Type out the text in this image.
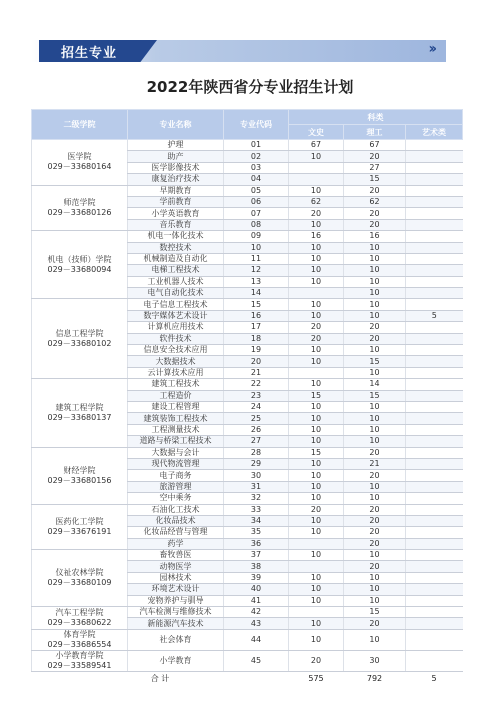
招生专业	››
2022年陕西省分专业招生计划
二级学院	专业名称	专业代码	科类		
			文史	理工	艺术类

医学院
029－33680164	护理	01	67	67	
	助产	02	10	20	
	医学影像技术	03		27	
	康复治疗技术	04		15	

师范学院
029－33680126	早期教育	05	10	20	
	学前教育	06	62	62	
	小学英语教育	07	20	20	
	音乐教育	08	10	20	

机电（技师）学院
029－33680094	机电一体化技术	09	16	16	
	数控技术	10	10	10	
	机械制造及自动化	11	10	10	
	电梯工程技术	12	10	10	
	工业机器人技术	13	10	10	
	电气自动化技术	14		10	

信息工程学院
029－33680102	电子信息工程技术	15	10	10	
	数字媒体艺术设计	16	10	10	5
	计算机应用技术	17	20	20	
	软件技术	18	20	20	
	信息安全技术应用	19	10	10	
	大数据技术	20	10	15	
	云计算技术应用	21		10	

建筑工程学院
029－33680137	建筑工程技术	22	10	14	
	工程造价	23	15	15	
	建设工程管理	24	10	10	
	建筑装饰工程技术	25	10	10	
	工程测量技术	26	10	10	
	道路与桥梁工程技术	27	10	10	

财经学院
029－33680156	大数据与会计	28	15	20	
	现代物流管理	29	10	21	
	电子商务	30	10	20	
	旅游管理	31	10	10	
	空中乘务	32	10	10	

医药化工学院
029－33676191	石油化工技术	33	20	20	
	化妆品技术	34	10	20	
	化妆品经营与管理	35	10	20	
	药学	36		20	

仪祉农林学院
029－33680109	畜牧兽医	37	10	10	
	动物医学	38		20	
	园林技术	39	10	10	
	环境艺术设计	40	10	10	
	宠物养护与驯导	41	10	10	

汽车工程学院
029－33680622	汽车检测与维修技术	42		15	
	新能源汽车技术	43	10	20	

体育学院
029－33686554	社会体育	44	10	10	

小学教育学院
029－33589541	小学教育	45	20	30	
合 计			575	792	5
